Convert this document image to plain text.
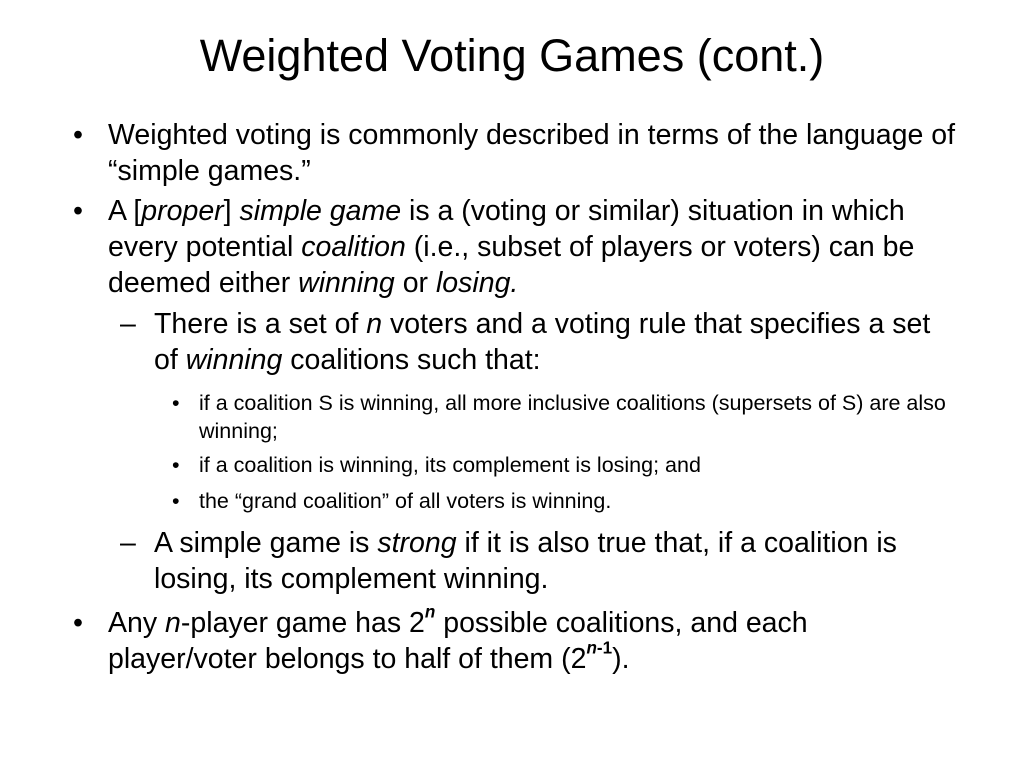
Weighted Voting Games (cont.)
• Weighted voting is commonly described in terms of the language of “simple games.”
• A [proper] simple game is a (voting or similar) situation in which every potential coalition (i.e., subset of players or voters) can be deemed either winning or losing.
– There is a set of n voters and a voting rule that specifies a set of winning coalitions such that:
• if a coalition S is winning, all more inclusive coalitions (supersets of S) are also winning;
• if a coalition is winning, its complement is losing; and
• the “grand coalition” of all voters is winning.
– A simple game is strong if it is also true that, if a coalition is losing, its complement winning.
• Any n-player game has 2$^n$ possible coalitions, and each player/voter belongs to half of them (2$^{n-1}$).
